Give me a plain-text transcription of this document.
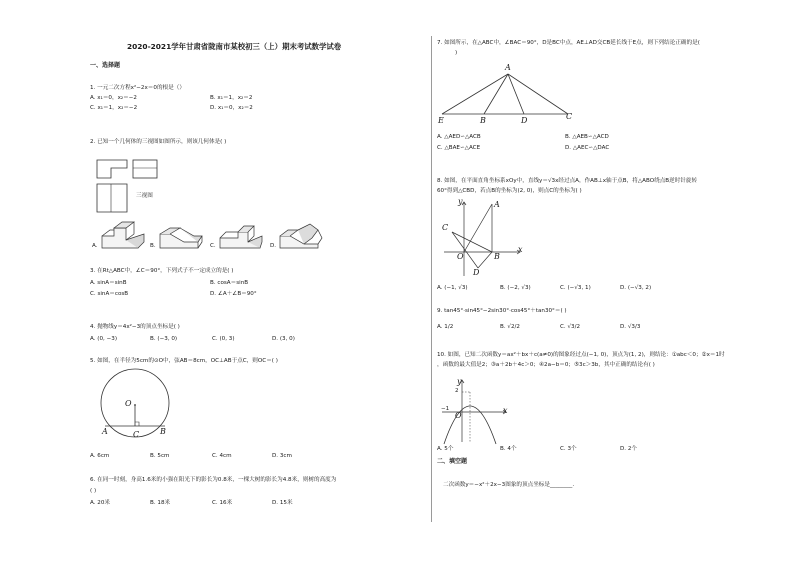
2020-2021学年甘肃省陇南市某校初三（上）期末考试数学试卷
一、选择题
1. 一元二次方程x²−2x＝0的根是（）
A. x₁＝0，x₂＝−2	B. x₁＝1，x₂＝2
C. x₁＝1，x₂＝−2	D. x₁＝0，x₂＝2
2. 已知一个几何体的三视图如图所示，则该几何体是( )
三视图
A.	B.	C.	D.
3. 在Rt△ABC中，∠C＝90°，下列式子不一定成立的是( )
A. sinA＝sinB	B. cosA＝sinB
C. sinA＝cosB	D. ∠A＋∠B＝90°
4. 抛物线y＝4x²−3的顶点坐标是( )
A. (0, −3)	B. (−3, 0)	C. (0, 3)	D. (3, 0)
5. 如图，在半径为5cm的⊙O中，弦AB＝8cm，OC⊥AB于点C，则OC＝( )
O
A	B
C
A. 6cm	B. 5cm	C. 4cm	D. 3cm
6. 在同一时刻，身高1.6米的小强在阳光下的影长为0.8米，一棵大树的影长为4.8米，则树的高度为
( )
A. 20米	B. 18米	C. 16米	D. 15米
7. 如图所示，在△ABC中，∠BAC＝90°，D是BC中点，AE⊥AD交CB延长线于E点，则下列结论正确的是(
)
A
E	B	D	C
A. △AED∽△ACB	B. △AEB∽△ACD
C. △BAE∽△ACE	D. △AEC∽△DAC
8. 如图，在平面直角坐标系xOy中，直线y＝√3x经过点A，作AB⊥x轴于点B，将△ABO绕点B逆时针旋转
60°得到△CBD，若点B的坐标为(2, 0)，则点C的坐标为( )
y
x
A
C
O	B
D
A. (−1, √3)	B. (−2, √3)	C. (−√3, 1)	D. (−√3, 2)
9. tan45°·sin45°−2sin30°·cos45°＋tan30°＝( )
A. 1/2	B. √2/2	C. √3/2	D. √3/3
10. 如图，已知二次函数y＝ax²＋bx＋c(a≠0)的图象经过点(−1, 0)，顶点为(1, 2)，则结论：①abc＜0；②x＝1时
，函数的最大值是2；③a＋2b＋4c＞0；④2a−b＝0；⑤3c＞3b，其中正确的结论有( )
y
x
2
−1
O
A. 5个	B. 4个	C. 3个	D. 2个
二、填空题
二次函数y＝−x²＋2x−3图象的顶点坐标是________.
